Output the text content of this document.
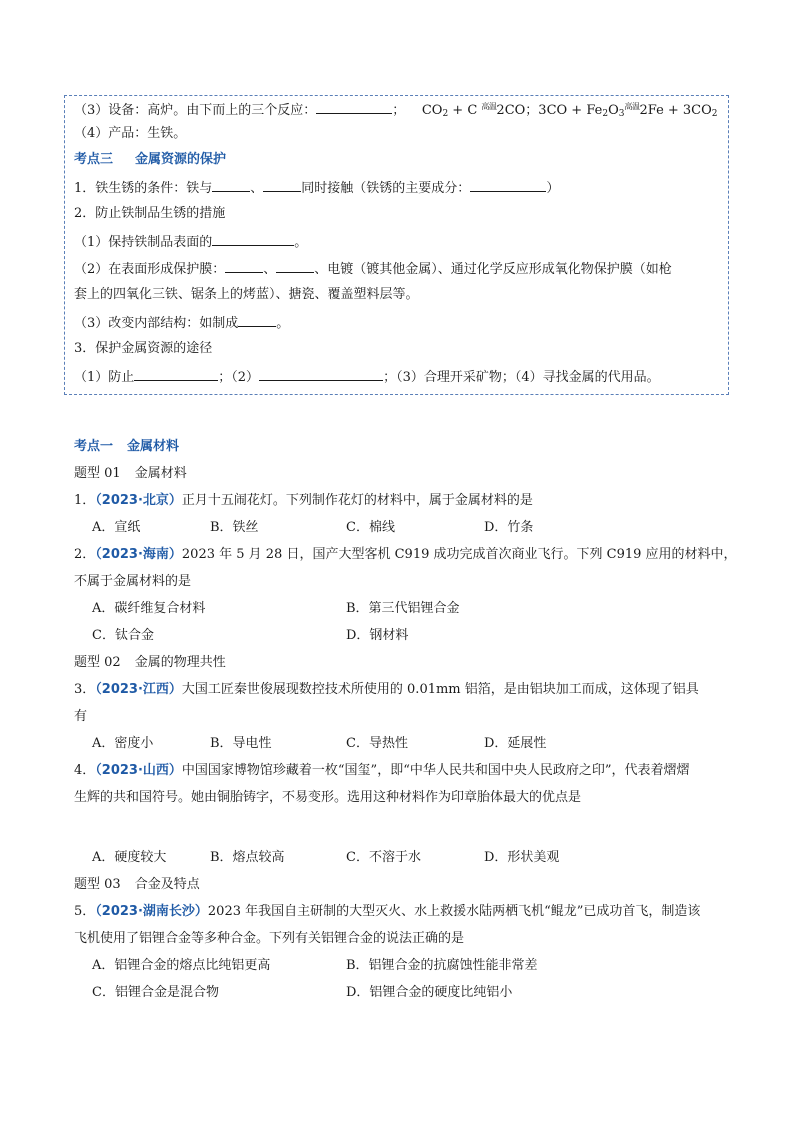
（3）设备：高炉。由下而上的三个反应：	； $CO_2 + C$ $^{高温}$2CO；$3CO + Fe_2O_3^{高温}2Fe + 3CO_2$
（4）产品：生铁。
考点三 金属资源的保护
1．铁生锈的条件：铁与	、	同时接触（铁锈的主要成分：	）
2．防止铁制品生锈的措施
（1）保持铁制品表面的	。
（2）在表面形成保护膜：	、	、电镀（镀其他金属）、通过化学反应形成氧化物保护膜（如枪
套上的四氧化三铁、锯条上的烤蓝）、搪瓷、覆盖塑料层等。
（3）改变内部结构：如制成	。
3．保护金属资源的途径
（1）防止	；（2）	；（3）合理开采矿物；（4）寻找金属的代用品。
考点一 金属材料
题型 01 金属材料
1．（2023·北京）正月十五闹花灯。下列制作花灯的材料中，属于金属材料的是
A．宣纸	B．铁丝	C．棉线	D．竹条
2．（2023·海南）2023 年 5 月 28 日，国产大型客机 C919 成功完成首次商业飞行。下列 C919 应用的材料中，
不属于金属材料的是
A．碳纤维复合材料	B．第三代铝锂合金
C．钛合金	D．钢材料
题型 02 金属的物理共性
3．（2023·江西）大国工匠秦世俊展现数控技术所使用的 0.01mm 铝箔，是由铝块加工而成，这体现了铝具
有
A．密度小	B．导电性	C．导热性	D．延展性
4．（2023·山西）中国国家博物馆珍藏着一枚“国玺”，即“中华人民共和国中央人民政府之印”，代表着熠熠
生辉的共和国符号。她由铜胎铸字，不易变形。选用这种材料作为印章胎体最大的优点是
A．硬度较大	B．熔点较高	C．不溶于水	D．形状美观
题型 03 合金及特点
5．（2023·湖南长沙）2023 年我国自主研制的大型灭火、水上救援水陆两栖飞机“鲲龙”已成功首飞，制造该
飞机使用了铝锂合金等多种合金。下列有关铝锂合金的说法正确的是
A．铝锂合金的熔点比纯铝更高	B．铝锂合金的抗腐蚀性能非常差
C．铝锂合金是混合物	D．铝锂合金的硬度比纯铝小
